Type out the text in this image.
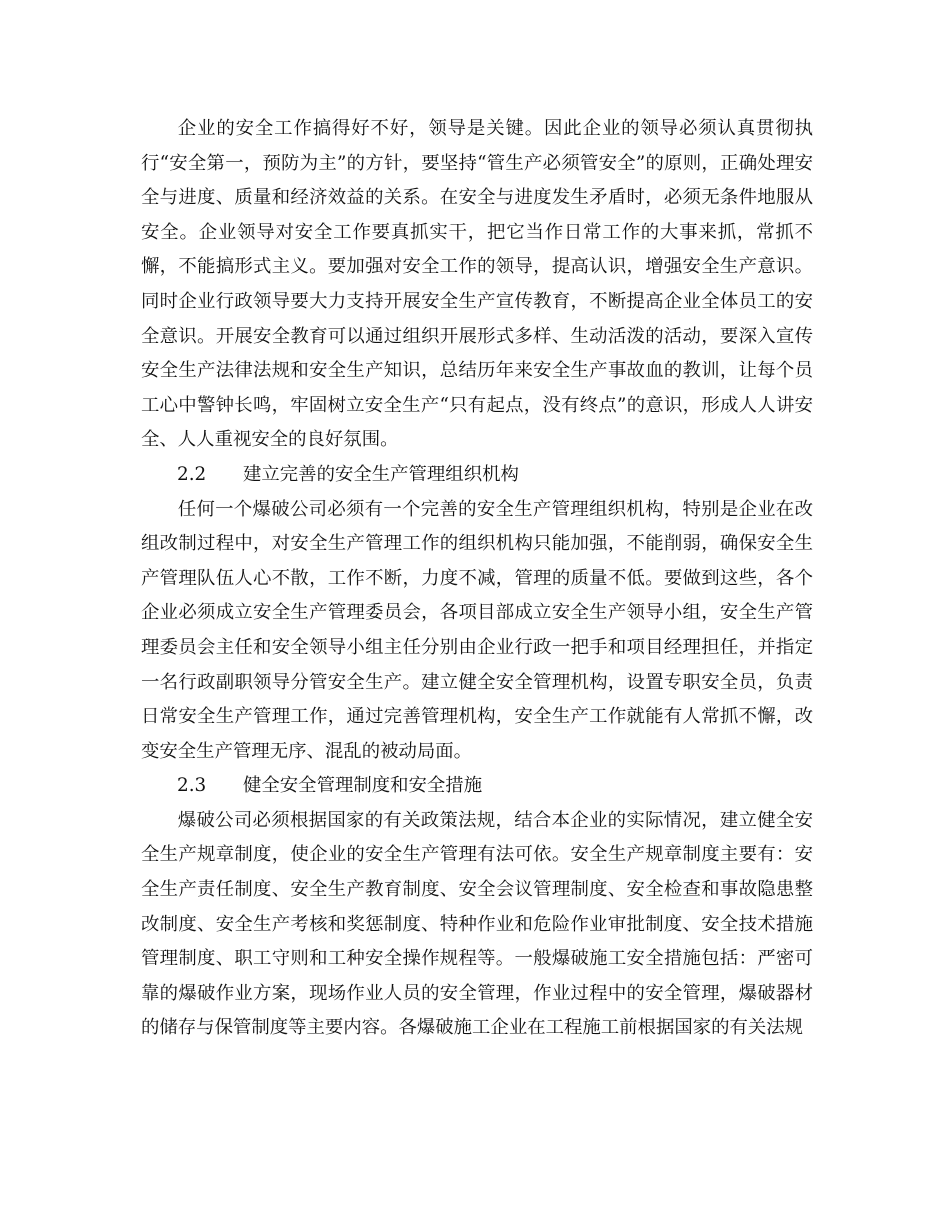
企业的安全工作搞得好不好，领导是关键。因此企业的领导必须认真贯彻执行“安全第一，预防为主”的方针，要坚持“管生产必须管安全”的原则，正确处理安全与进度、质量和经济效益的关系。在安全与进度发生矛盾时，必须无条件地服从安全。企业领导对安全工作要真抓实干，把它当作日常工作的大事来抓，常抓不懈，不能搞形式主义。要加强对安全工作的领导，提高认识，增强安全生产意识。同时企业行政领导要大力支持开展安全生产宣传教育，不断提高企业全体员工的安全意识。开展安全教育可以通过组织开展形式多样、生动活泼的活动，要深入宣传安全生产法律法规和安全生产知识，总结历年来安全生产事故血的教训，让每个员工心中警钟长鸣，牢固树立安全生产“只有起点，没有终点”的意识，形成人人讲安全、人人重视安全的良好氛围。

2.2 建立完善的安全生产管理组织机构

任何一个爆破公司必须有一个完善的安全生产管理组织机构，特别是企业在改组改制过程中，对安全生产管理工作的组织机构只能加强，不能削弱，确保安全生产管理队伍人心不散，工作不断，力度不减，管理的质量不低。要做到这些，各个企业必须成立安全生产管理委员会，各项目部成立安全生产领导小组，安全生产管理委员会主任和安全领导小组主任分别由企业行政一把手和项目经理担任，并指定一名行政副职领导分管安全生产。建立健全安全管理机构，设置专职安全员，负责日常安全生产管理工作，通过完善管理机构，安全生产工作就能有人常抓不懈，改变安全生产管理无序、混乱的被动局面。

2.3 健全安全管理制度和安全措施

爆破公司必须根据国家的有关政策法规，结合本企业的实际情况，建立健全安全生产规章制度，使企业的安全生产管理有法可依。安全生产规章制度主要有：安全生产责任制度、安全生产教育制度、安全会议管理制度、安全检查和事故隐患整改制度、安全生产考核和奖惩制度、特种作业和危险作业审批制度、安全技术措施管理制度、职工守则和工种安全操作规程等。一般爆破施工安全措施包括：严密可靠的爆破作业方案，现场作业人员的安全管理，作业过程中的安全管理，爆破器材的储存与保管制度等主要内容。各爆破施工企业在工程施工前根据国家的有关法规
